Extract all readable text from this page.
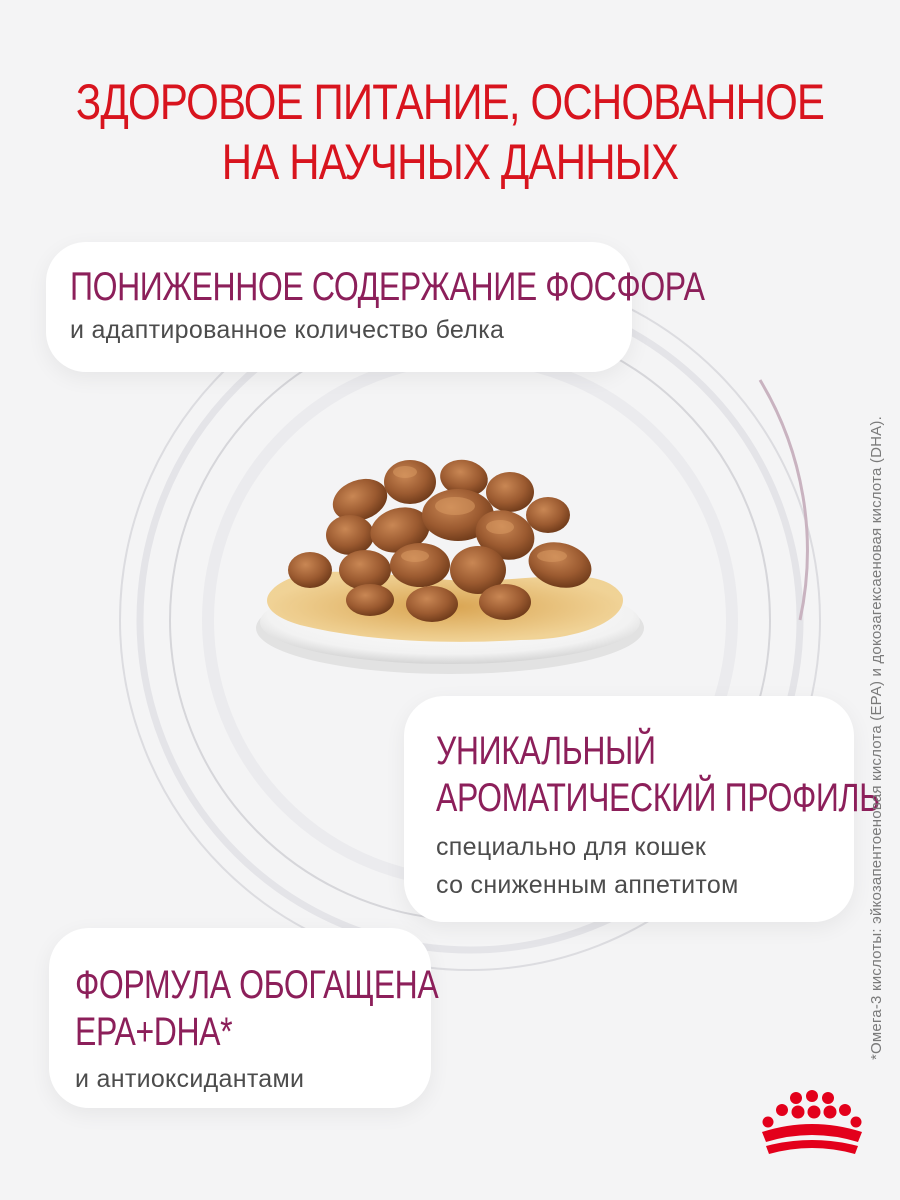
ЗДОРОВОЕ ПИТАНИЕ, ОСНОВАННОЕ
НА НАУЧНЫХ ДАННЫХ
ПОНИЖЕННОЕ СОДЕРЖАНИЕ ФОСФОРА
и адаптированное количество белка
УНИКАЛЬНЫЙ
АРОМАТИЧЕСКИЙ ПРОФИЛЬ
специально для кошек
со сниженным аппетитом
ФОРМУЛА ОБОГАЩЕНА
EPA+DHA*
и антиоксидантами
*Омега-3 кислоты: эйкозапентоеновая кислота (EPA) и докозагексаеновая кислота (DHA).
